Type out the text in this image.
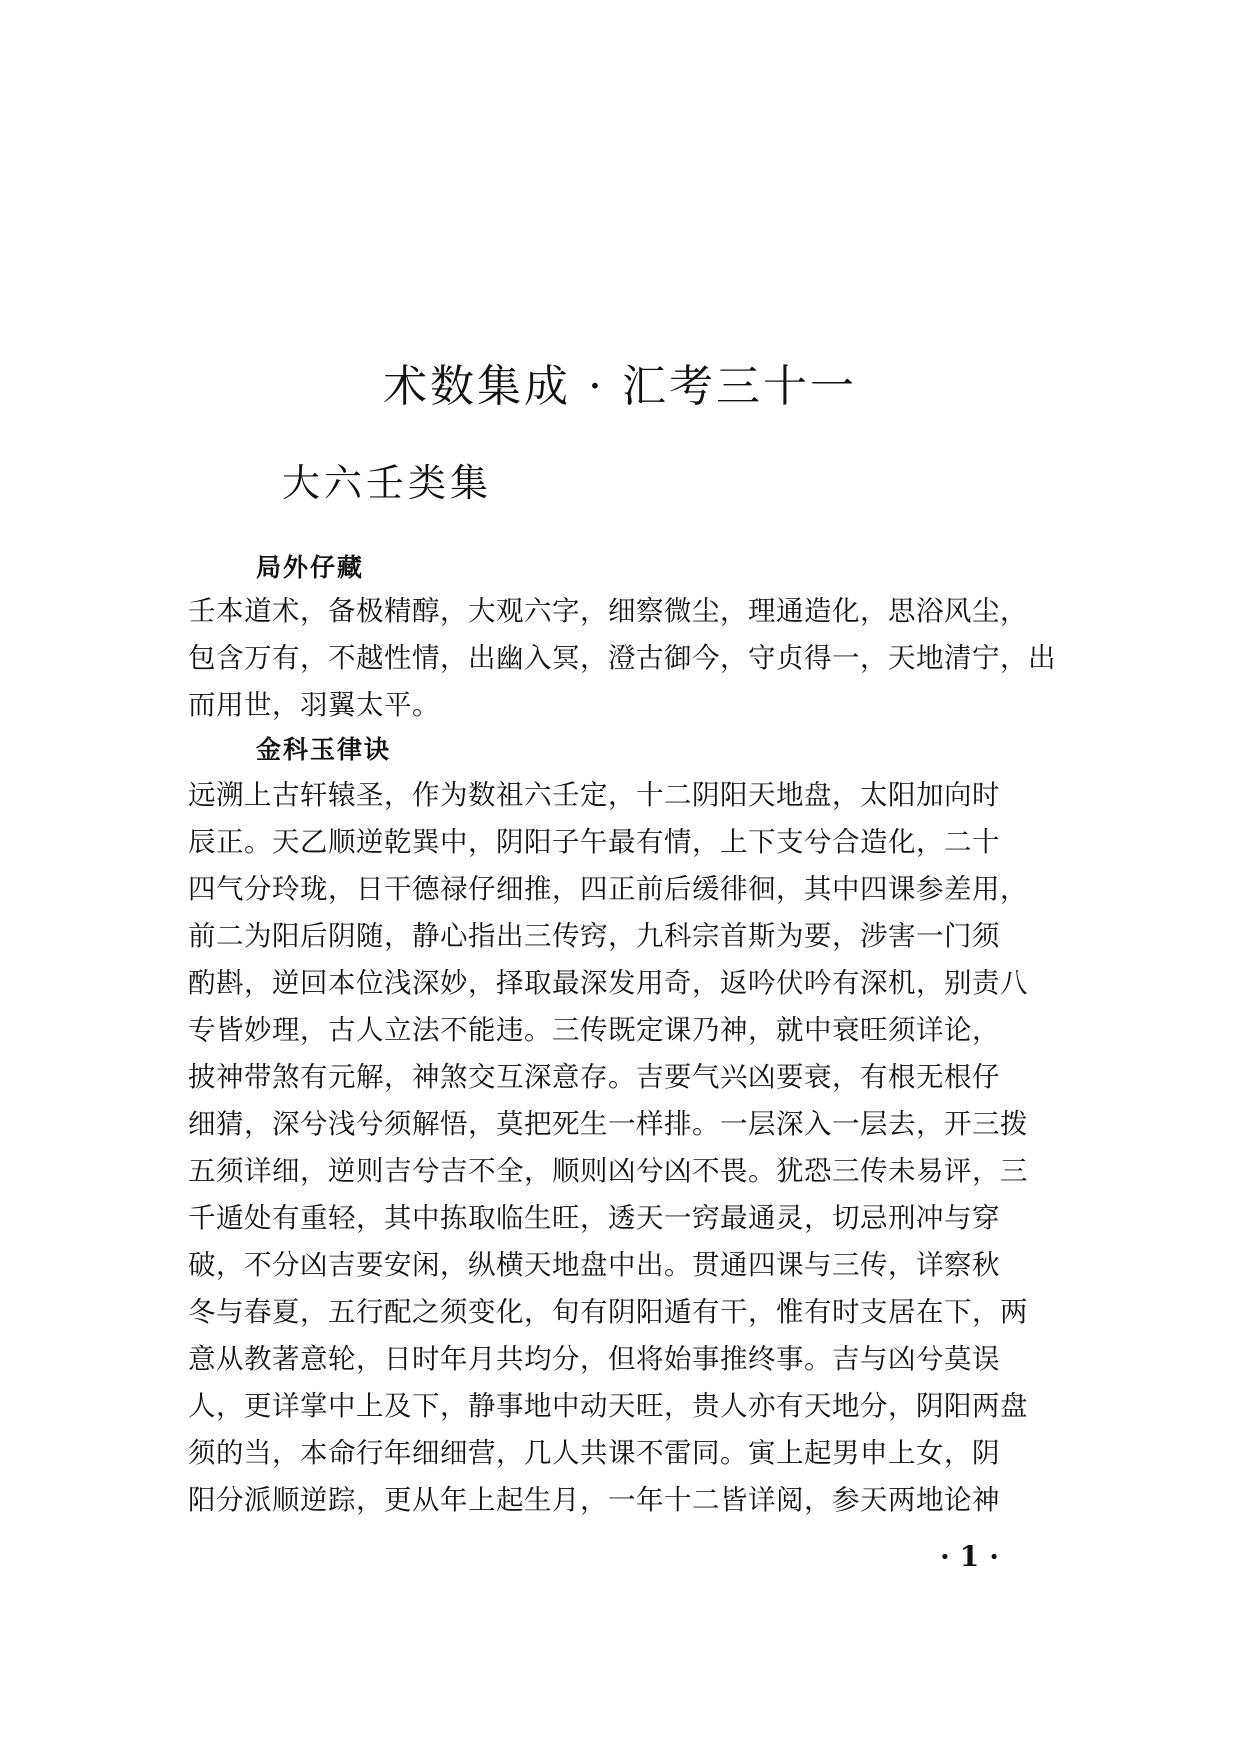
术数集成 · 汇考三十一
大六壬类集
局外仔藏

壬本道术，备极精醇，大观六字，细察微尘，理通造化，思浴风尘，
包含万有，不越性情，出幽入冥，澄古御今，守贞得一，天地清宁，出
而用世，羽翼太平。

金科玉律诀

远溯上古轩辕圣，作为数祖六壬定，十二阴阳天地盘，太阳加向时
辰正。天乙顺逆乾巽中，阴阳子午最有情，上下支兮合造化，二十
四气分玲珑，日干德禄仔细推，四正前后缓徘徊，其中四课参差用，
前二为阳后阴随，静心指出三传窍，九科宗首斯为要，涉害一门须
酌斟，逆回本位浅深妙，择取最深发用奇，返吟伏吟有深机，别责八
专皆妙理，古人立法不能违。三传既定课乃神，就中衰旺须详论，
披神带煞有元解，神煞交互深意存。吉要气兴凶要衰，有根无根仔
细猜，深兮浅兮须解悟，莫把死生一样排。一层深入一层去，开三拨
五须详细，逆则吉兮吉不全，顺则凶兮凶不畏。犹恐三传未易评，三
千遁处有重轻，其中拣取临生旺，透天一窍最通灵，切忌刑冲与穿
破，不分凶吉要安闲，纵横天地盘中出。贯通四课与三传，详察秋
冬与春夏，五行配之须变化，旬有阴阳遁有干，惟有时支居在下，两
意从教著意轮，日时年月共均分，但将始事推终事。吉与凶兮莫误
人，更详掌中上及下，静事地中动天旺，贵人亦有天地分，阴阳两盘
须的当，本命行年细细营，几人共课不雷同。寅上起男申上女，阴
阳分派顺逆踪，更从年上起生月，一年十二皆详阅，参天两地论神

·1·
